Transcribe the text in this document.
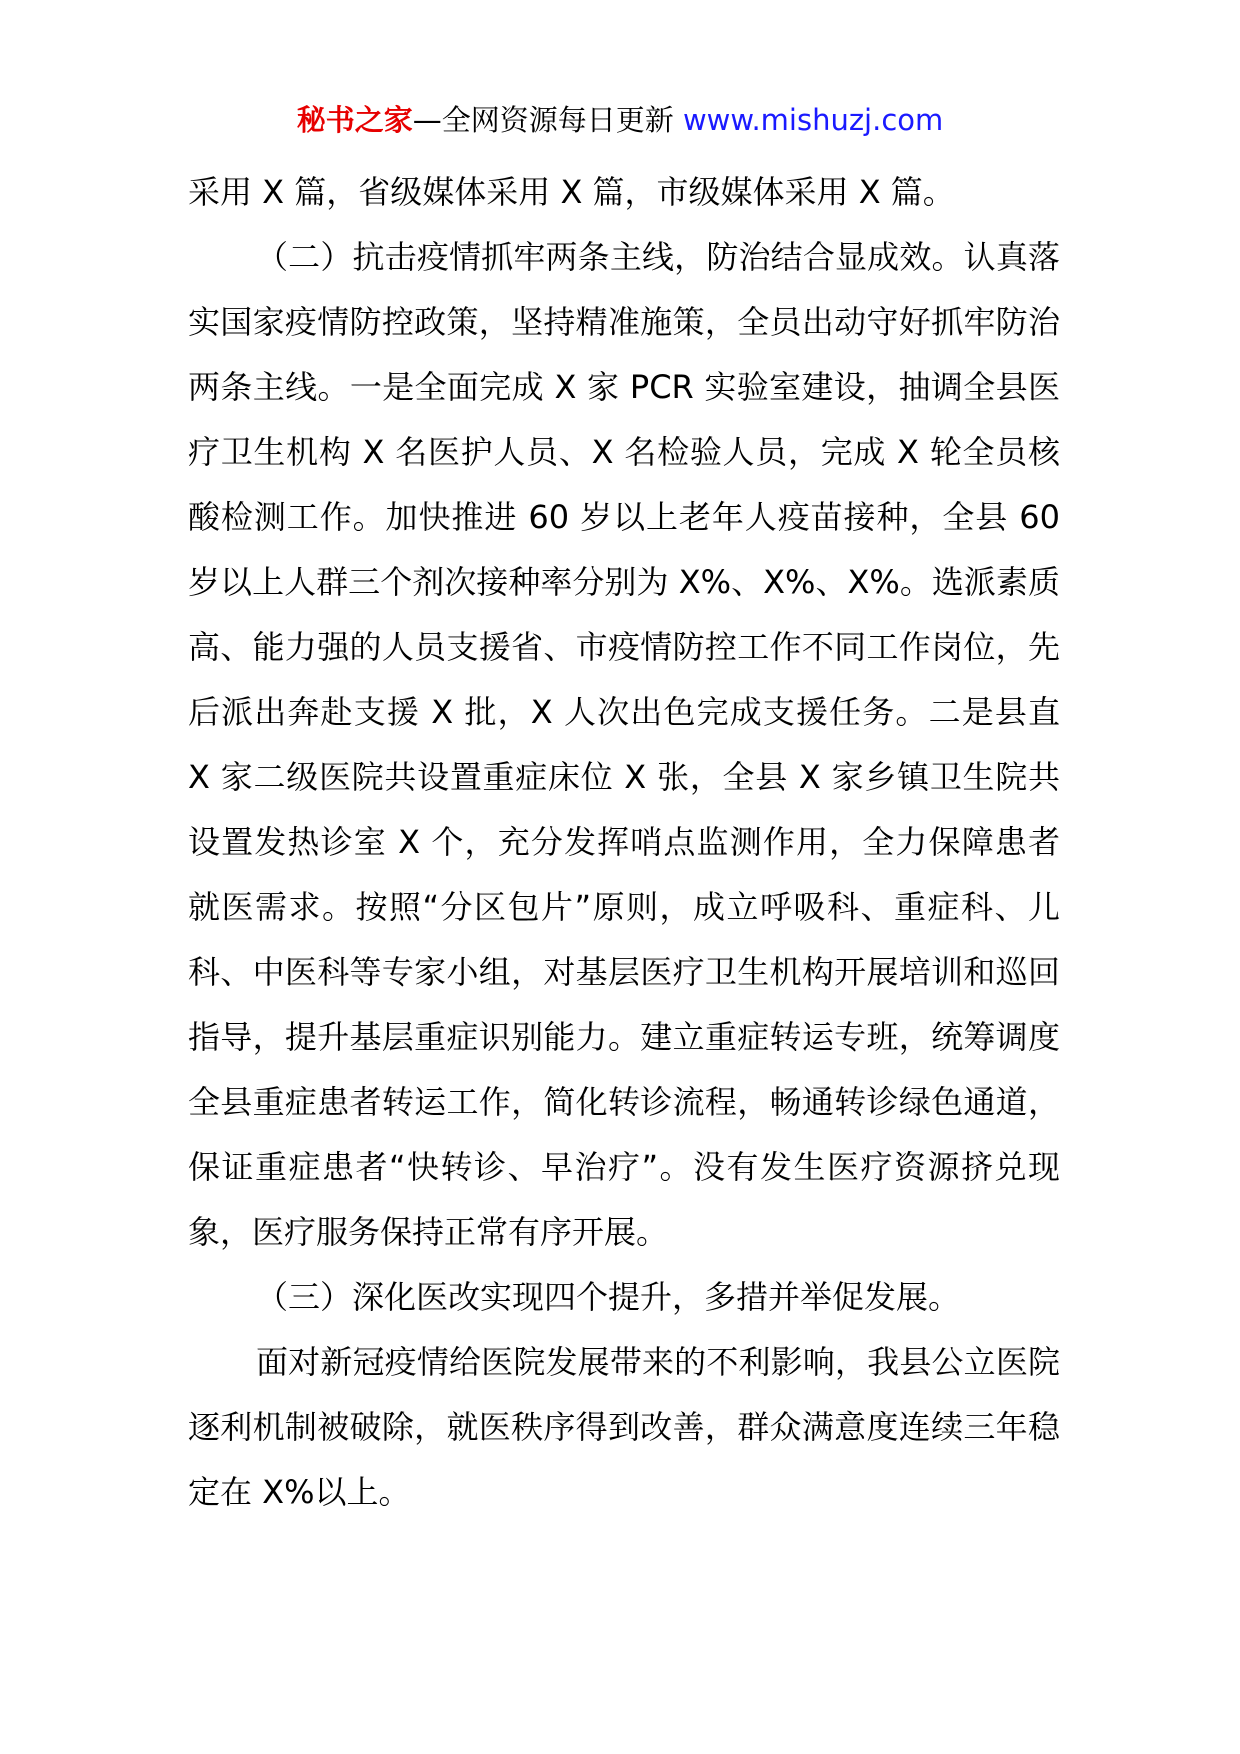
秘书之家—全网资源每日更新 www.mishuzj.com

采用 X 篇，省级媒体采用 X 篇，市级媒体采用 X 篇。

（二）抗击疫情抓牢两条主线，防治结合显成效。认真落实国家疫情防控政策，坚持精准施策，全员出动守好抓牢防治两条主线。一是全面完成 X 家 PCR 实验室建设，抽调全县医疗卫生机构 X 名医护人员、X 名检验人员，完成 X 轮全员核酸检测工作。加快推进 60 岁以上老年人疫苗接种，全县 60 岁以上人群三个剂次接种率分别为 X%、X%、X%。选派素质高、能力强的人员支援省、市疫情防控工作不同工作岗位，先后派出奔赴支援 X 批，X 人次出色完成支援任务。二是县直 X 家二级医院共设置重症床位 X 张，全县 X 家乡镇卫生院共设置发热诊室 X 个，充分发挥哨点监测作用，全力保障患者就医需求。按照“分区包片”原则，成立呼吸科、重症科、儿科、中医科等专家小组，对基层医疗卫生机构开展培训和巡回指导，提升基层重症识别能力。建立重症转运专班，统筹调度全县重症患者转运工作，简化转诊流程，畅通转诊绿色通道，保证重症患者“快转诊、早治疗”。没有发生医疗资源挤兑现象，医疗服务保持正常有序开展。

（三）深化医改实现四个提升，多措并举促发展。

面对新冠疫情给医院发展带来的不利影响，我县公立医院逐利机制被破除，就医秩序得到改善，群众满意度连续三年稳定在 X%以上。
